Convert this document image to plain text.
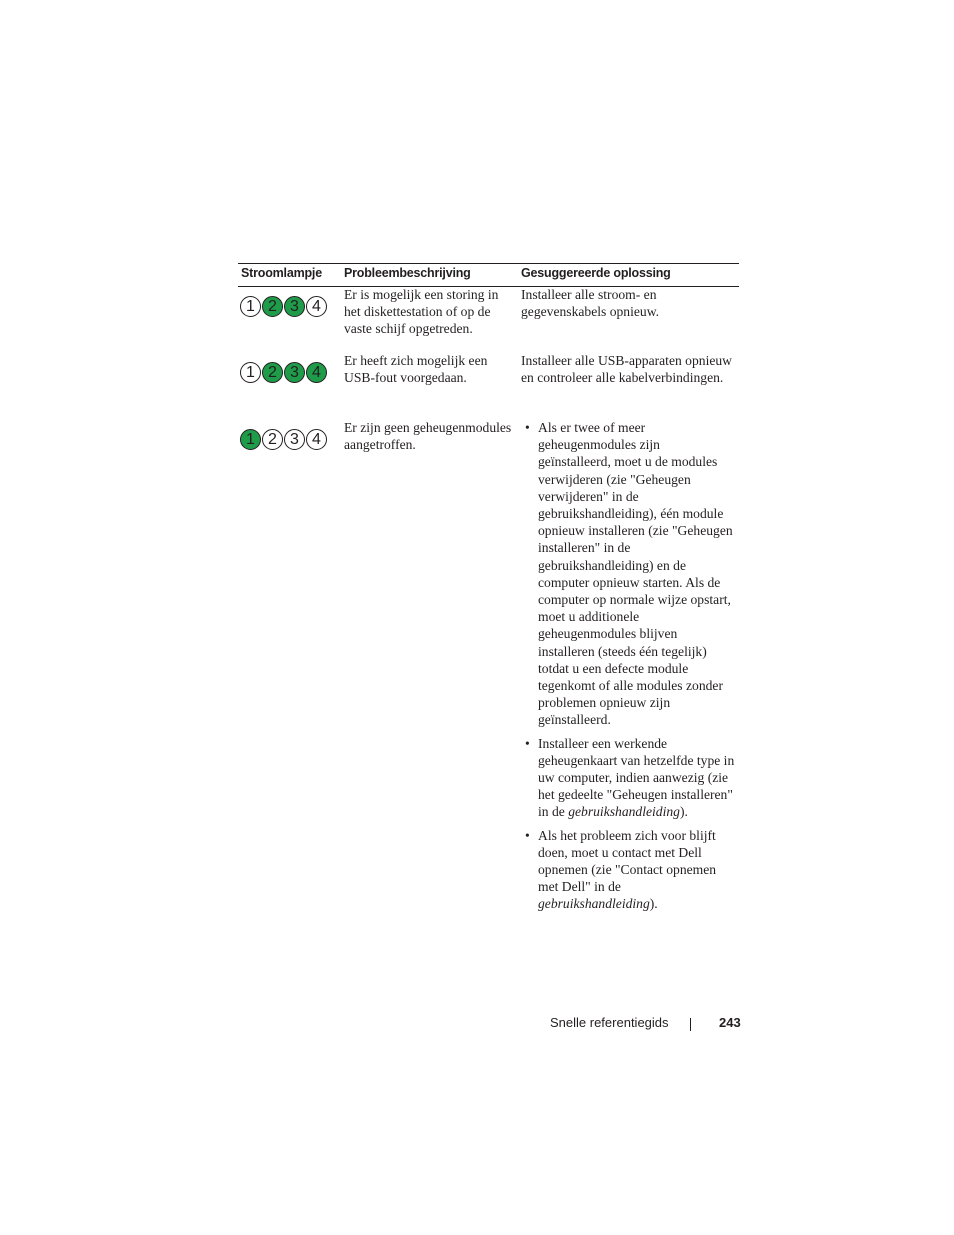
Stroomlampje Probleembeschrijving	Gesuggereerde oplossing
1 2 3 4
Er is mogelijk een storing in het diskettestation of op de vaste schijf opgetreden.
Installeer alle stroom- en gegevenskabels opnieuw.
1 2 3 4
Er heeft zich mogelijk een USB-fout voorgedaan.
Installeer alle USB-apparaten opnieuw en controleer alle kabelverbindingen.
1 2 3 4
Er zijn geen geheugenmodules aangetroffen.
• Als er twee of meer geheugenmodules zijn geïnstalleerd, moet u de modules verwijderen (zie "Geheugen verwijderen" in de gebruikshandleiding), één module opnieuw installeren (zie "Geheugen installeren" in de gebruikshandleiding) en de computer opnieuw starten. Als de computer op normale wijze opstart, moet u additionele geheugenmodules blijven installeren (steeds één tegelijk) totdat u een defecte module tegenkomt of alle modules zonder problemen opnieuw zijn geïnstalleerd.
• Installeer een werkende geheugenkaart van hetzelfde type in uw computer, indien aanwezig (zie het gedeelte "Geheugen installeren" in de gebruikshandleiding).
• Als het probleem zich voor blijft doen, moet u contact met Dell opnemen (zie "Contact opnemen met Dell" in de gebruikshandleiding).
Snelle referentiegids	243
